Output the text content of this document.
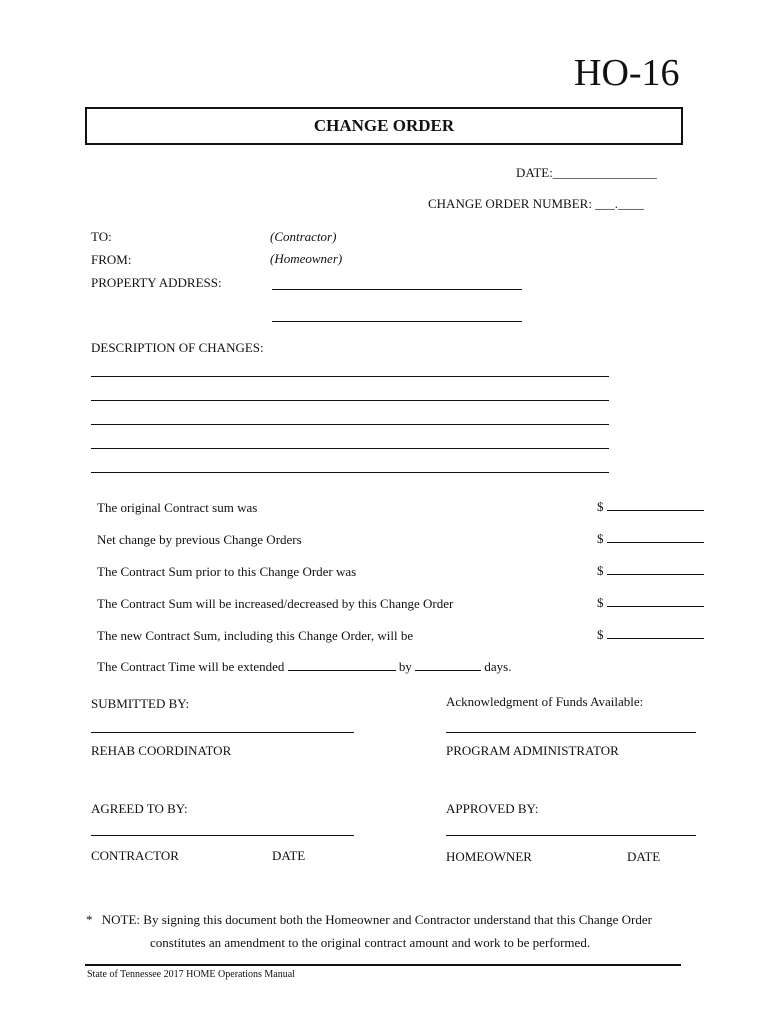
HO-16
CHANGE ORDER
DATE:________________
CHANGE ORDER NUMBER: ___.____
TO:	(Contractor)
FROM:	(Homeowner)
PROPERTY ADDRESS:
DESCRIPTION OF CHANGES:
The original Contract sum was	$
Net change by previous Change Orders	$
The Contract Sum prior to this Change Order was	$
The Contract Sum will be increased/decreased by this Change Order	$
The new Contract Sum, including this Change Order, will be	$
The Contract Time will be extended	by	days.
SUBMITTED BY:	Acknowledgment of Funds Available:
REHAB COORDINATOR	PROGRAM ADMINISTRATOR
AGREED TO BY:	APPROVED BY:
CONTRACTOR	DATE	HOMEOWNER	DATE
* NOTE: By signing this document both the Homeowner and Contractor understand that this Change Order
constitutes an amendment to the original contract amount and work to be performed.
State of Tennessee 2017 HOME Operations Manual
